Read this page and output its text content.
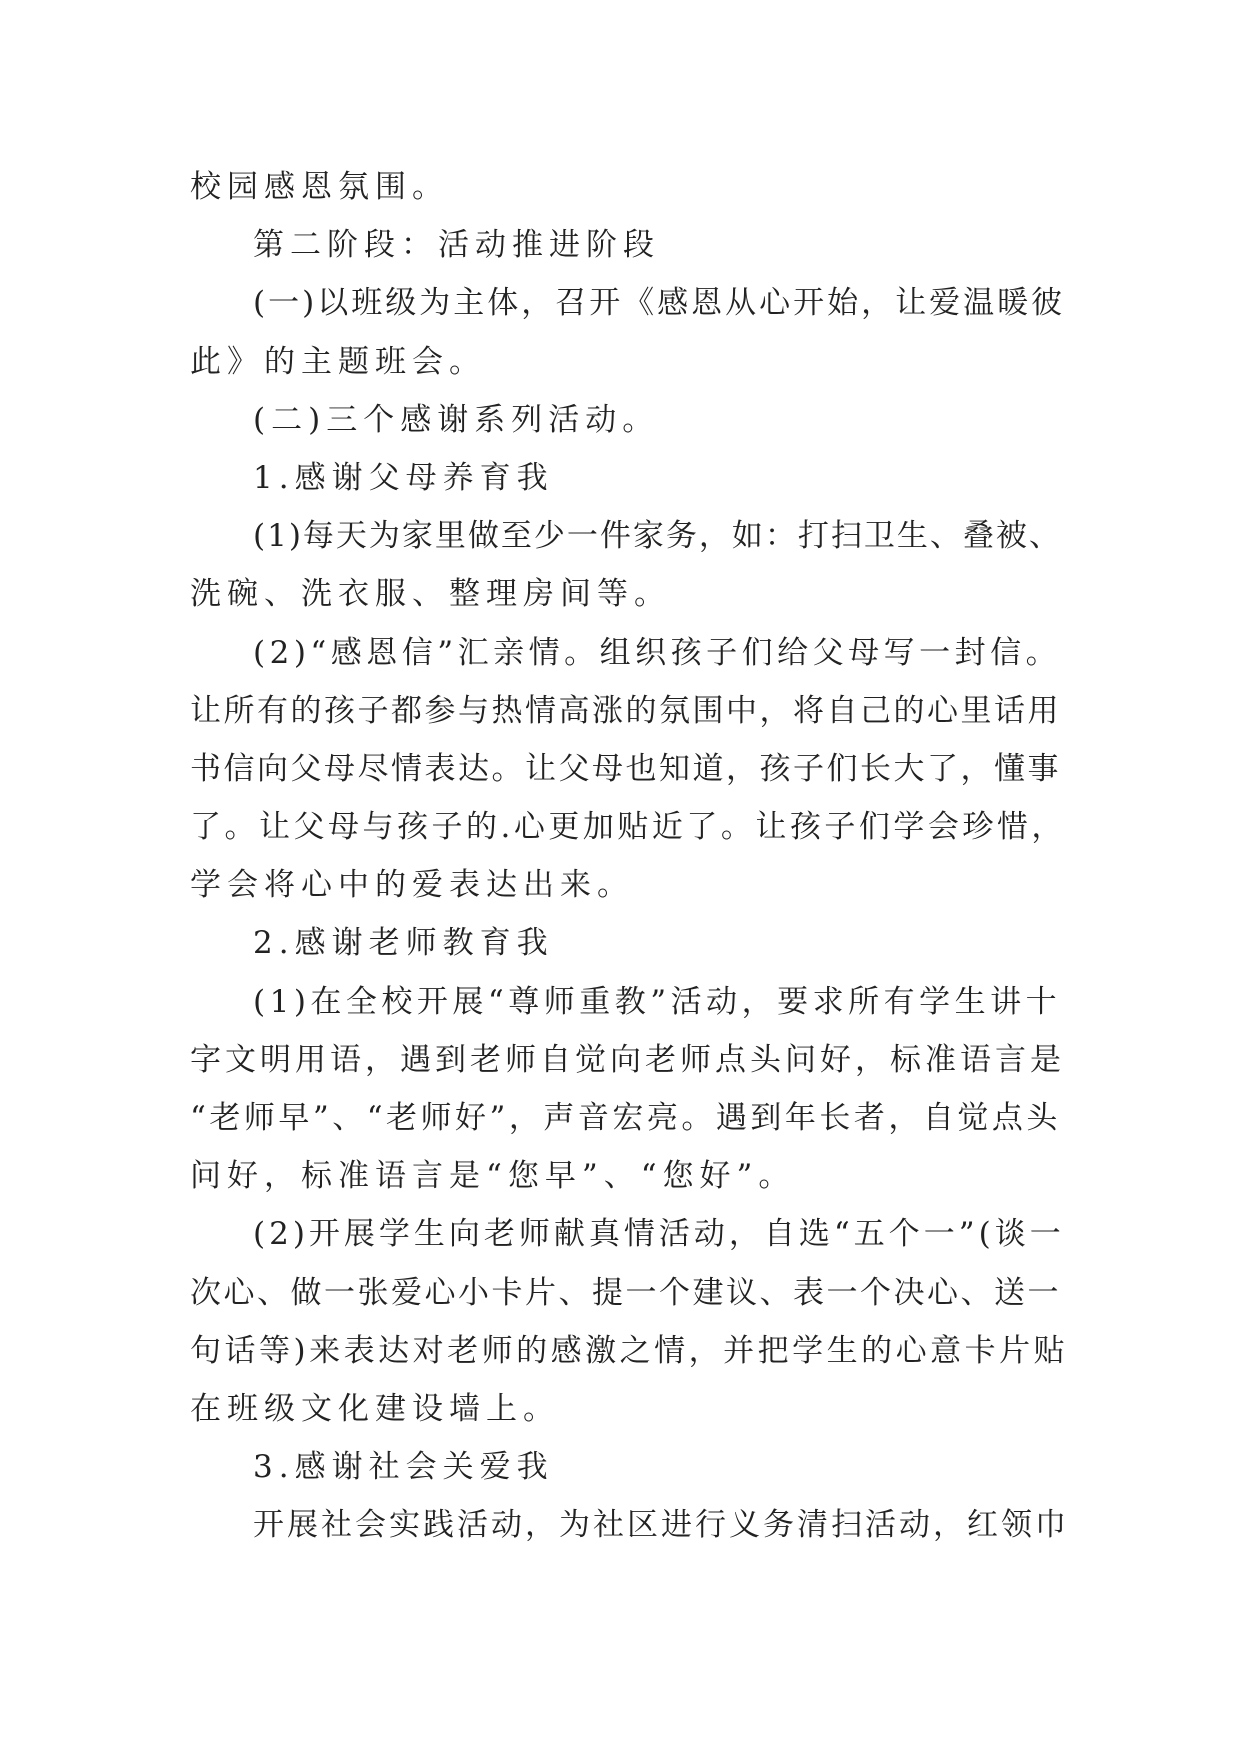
校园感恩氛围。
第二阶段：活动推进阶段
(一)以班级为主体，召开《感恩从心开始，让爱温暖彼
此》的主题班会。
(二)三个感谢系列活动。
1.感谢父母养育我
(1)每天为家里做至少一件家务，如：打扫卫生、叠被、
洗碗、洗衣服、整理房间等。
(2)“感恩信”汇亲情。组织孩子们给父母写一封信。
让所有的孩子都参与热情高涨的氛围中，将自己的心里话用
书信向父母尽情表达。让父母也知道，孩子们长大了，懂事
了。让父母与孩子的.心更加贴近了。让孩子们学会珍惜，
学会将心中的爱表达出来。
2.感谢老师教育我
(1)在全校开展“尊师重教”活动，要求所有学生讲十
字文明用语，遇到老师自觉向老师点头问好，标准语言是
“老师早”、“老师好”，声音宏亮。遇到年长者，自觉点头
问好，标准语言是“您早”、“您好”。
(2)开展学生向老师献真情活动，自选“五个一”(谈一
次心、做一张爱心小卡片、提一个建议、表一个决心、送一
句话等)来表达对老师的感激之情，并把学生的心意卡片贴
在班级文化建设墙上。
3.感谢社会关爱我
开展社会实践活动，为社区进行义务清扫活动，红领巾
